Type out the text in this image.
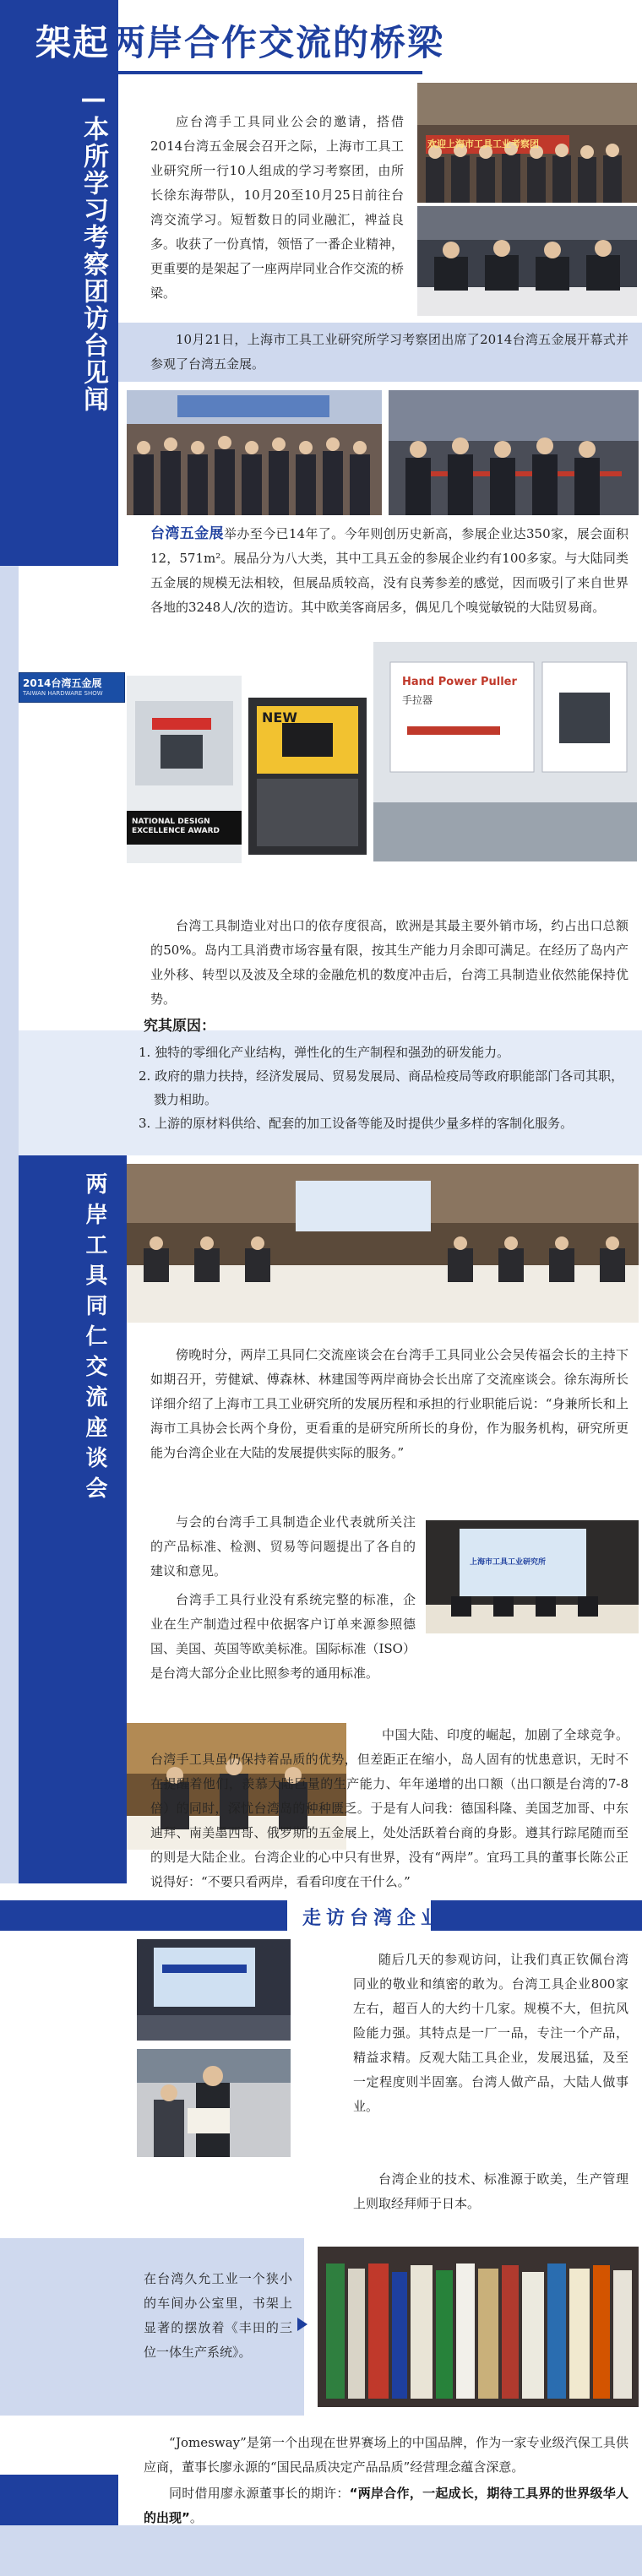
架起两岸合作交流的桥梁
—本所学习考察团访台见闻	应台湾手工具同业公会的邀请，搭借2014台湾五金展会召开之际，上海市工具工业研究所一行10人组成的学习考察团，由所长徐东海带队，10月20至10月25日前往台湾交流学习。短暂数日的同业融汇，裨益良多。收获了一份真情，领悟了一番企业精神，更重要的是架起了一座两岸同业合作交流的桥梁。

欢迎上海市工具工业考察团

10月21日，上海市工具工业研究所学习考察团出席了2014台湾五金展开幕式并参观了台湾五金展。

台湾五金展举办至今已14年了。今年则创历史新高，参展企业达350家，展会面积12，571m²。展品分为八大类，其中工具五金的参展企业约有100多家。与大陆同类五金展的规模无法相较，但展品质较高，没有良莠参差的感觉，因而吸引了来自世界各地的3248人/次的造访。其中欧美客商居多，偶见几个嗅觉敏锐的大陆贸易商。

2014台湾五金展
TAIWAN HARDWARE SHOW
NATIONAL DESIGN EXCELLENCE AWARD
NEW
Hand Power Puller
手拉器

台湾工具制造业对出口的依存度很高，欧洲是其最主要外销市场，约占出口总额的50%。岛内工具消费市场容量有限，按其生产能力月余即可满足。在经历了岛内产业外移、转型以及波及全球的金融危机的数度冲击后，台湾工具制造业依然能保持优势。

究其原因：
1. 独特的零细化产业结构，弹性化的生产制程和强劲的研发能力。
2. 政府的鼎力扶持，经济发展局、贸易发展局、商品检疫局等政府职能部门各司其职，戮力相助。
3. 上游的原材料供给、配套的加工设备等能及时提供少量多样的客制化服务。
两岸工具同仁交流座谈会	傍晚时分，两岸工具同仁交流座谈会在台湾手工具同业公会吴传福会长的主持下如期召开，劳健斌、傅森林、林建国等两岸商协会长出席了交流座谈会。徐东海所长详细介绍了上海市工具工业研究所的发展历程和承担的行业职能后说：“身兼所长和上海市工具协会长两个身份，更看重的是研究所所长的身份，作为服务机构，研究所更能为台湾企业在大陆的发展提供实际的服务。”

与会的台湾手工具制造企业代表就所关注的产品标准、检测、贸易等问题提出了各自的建议和意见。

台湾手工具行业没有系统完整的标准，企业在生产制造过程中依据客户订单来源参照德国、美国、英国等欧美标准。国际标准（ISO）是台湾大部分企业比照参考的通用标准。

上海市工具工业研究所

中国大陆、印度的崛起，加剧了全球竞争。台湾手工具虽仍保持着品质的优势，但差距正在缩小，岛人固有的忧患意识，无时不在提醒着他们，羡慕大陆巨量的生产能力、年年递增的出口额（出口额是台湾的7-8倍）的同时，深忧台湾岛的种种匮乏。于是有人问我：德国科隆、美国芝加哥、中东迪拜、南美墨西哥、俄罗斯的五金展上，处处活跃着台商的身影。遵其行踪尾随而至的则是大陆企业。台湾企业的心中只有世界，没有“两岸”。宜玛工具的董事长陈公正说得好：“不要只看两岸，看看印度在干什么。”

走访台湾企业

随后几天的参观访问，让我们真正钦佩台湾同业的敬业和缜密的敢为。台湾工具企业800家左右，超百人的大约十几家。规模不大，但抗风险能力强。其特点是一厂一品，专注一个产品，精益求精。反观大陆工具企业，发展迅猛，及至一定程度则半固塞。台湾人做产品，大陆人做事业。

台湾企业的技术、标准源于欧美，生产管理上则取经拜师于日本。

在台湾久允工业一个狭小的车间办公室里，书架上显著的摆放着《丰田的三位一体生产系统》。

“Jomesway”是第一个出现在世界赛场上的中国品牌，作为一家专业级汽保工具供应商，董事长廖永源的“国民品质决定产品品质”经营理念蕴含深意。

同时借用廖永源董事长的期许：“两岸合作，一起成长，期待工具界的世界级华人的出现”。
